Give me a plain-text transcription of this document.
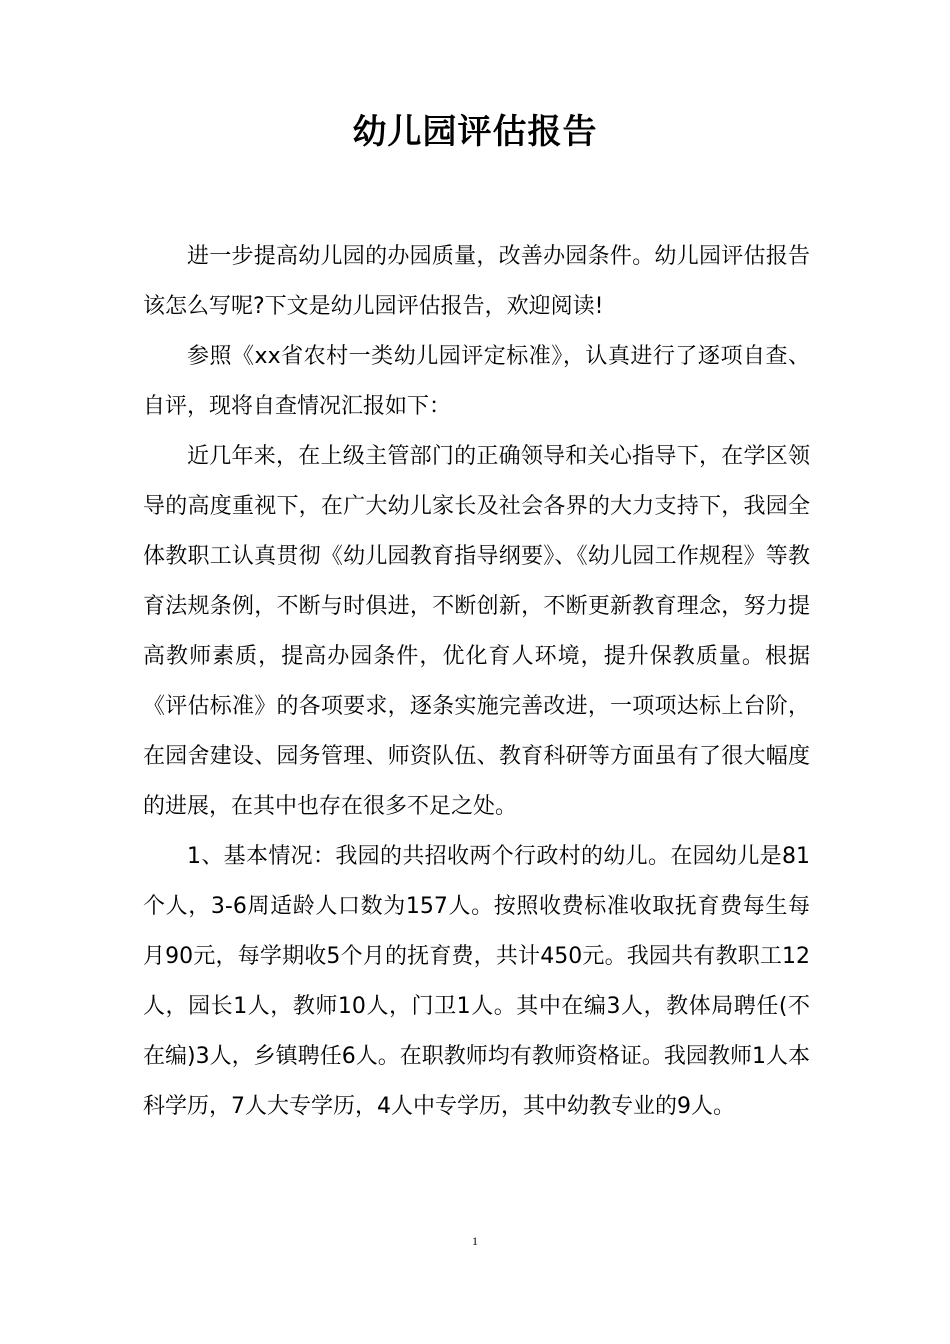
幼儿园评估报告

进一步提高幼儿园的办园质量，改善办园条件。幼儿园评估报告该怎么写呢?下文是幼儿园评估报告，欢迎阅读!

参照《xx省农村一类幼儿园评定标准》，认真进行了逐项自查、自评，现将自查情况汇报如下：

近几年来，在上级主管部门的正确领导和关心指导下，在学区领导的高度重视下，在广大幼儿家长及社会各界的大力支持下，我园全体教职工认真贯彻《幼儿园教育指导纲要》、《幼儿园工作规程》等教育法规条例，不断与时俱进，不断创新，不断更新教育理念，努力提高教师素质，提高办园条件，优化育人环境，提升保教质量。根据《评估标准》的各项要求，逐条实施完善改进，一项项达标上台阶，在园舍建设、园务管理、师资队伍、教育科研等方面虽有了很大幅度的进展，在其中也存在很多不足之处。

1、基本情况：我园的共招收两个行政村的幼儿。在园幼儿是81个人，3-6周适龄人口数为157人。按照收费标准收取抚育费每生每月90元，每学期收5个月的抚育费，共计450元。我园共有教职工12人，园长1人，教师10人，门卫1人。其中在编3人，教体局聘任(不在编)3人，乡镇聘任6人。在职教师均有教师资格证。我园教师1人本科学历，7人大专学历，4人中专学历，其中幼教专业的9人。

1
